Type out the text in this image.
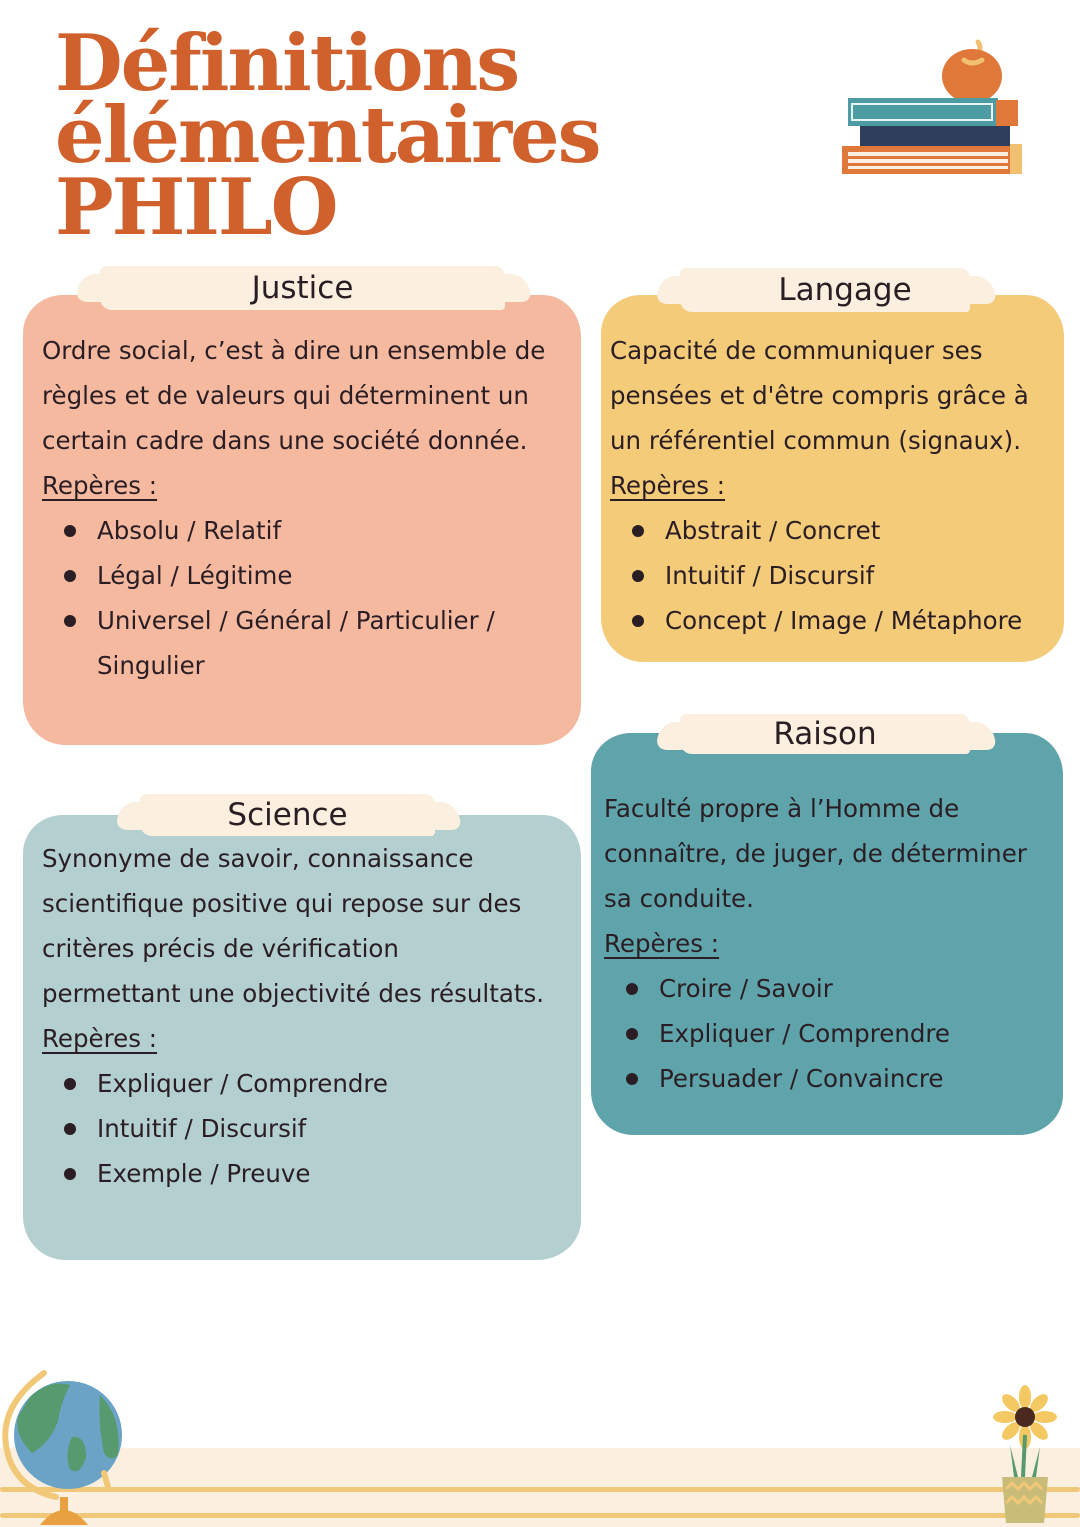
Définitions
élémentaires
PHILO
Justice

Ordre social, c’est à dire un ensemble de

règles et de valeurs qui déterminent un

certain cadre dans une société donnée.

Repères :

Absolu / Relatif
Légal / Légitime
Universel / Général / Particulier / Singulier
Langage

Capacité de communiquer ses

pensées et d'être compris grâce à

un référentiel commun (signaux).

Repères :

Abstrait / Concret
Intuitif / Discursif
Concept / Image / Métaphore
Raison

Faculté propre à l’Homme de

connaître, de juger, de déterminer

sa conduite.

Repères :

Croire / Savoir
Expliquer / Comprendre
Persuader / Convaincre
Science

Synonyme de savoir, connaissance

scientifique positive qui repose sur des

critères précis de vérification

permettant une objectivité des résultats.

Repères :

Expliquer / Comprendre
Intuitif / Discursif
Exemple / Preuve
